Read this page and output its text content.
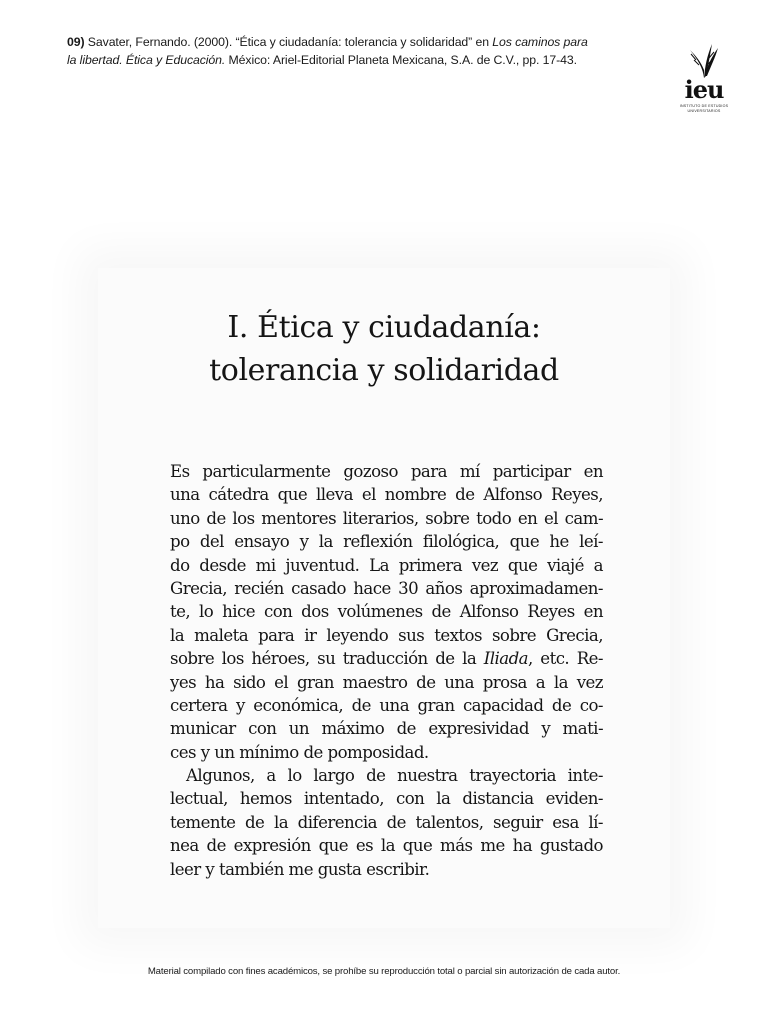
09) Savater, Fernando. (2000). “Ética y ciudadanía: tolerancia y solidaridad” en Los caminos para
la libertad. Ética y Educación. México: Ariel-Editorial Planeta Mexicana, S.A. de C.V., pp. 17-43.
ieu
INSTITUTO DE ESTUDIOS
UNIVERSITARIOS
I. Ética y ciudadanía:
tolerancia y solidaridad
Es particularmente gozoso para mí participar en
una cátedra que lleva el nombre de Alfonso Reyes,
uno de los mentores literarios, sobre todo en el cam-
po del ensayo y la reflexión filológica, que he leí-
do desde mi juventud. La primera vez que viajé a
Grecia, recién casado hace 30 años aproximadamen-
te, lo hice con dos volúmenes de Alfonso Reyes en
la maleta para ir leyendo sus textos sobre Grecia,
sobre los héroes, su traducción de la Iliada, etc. Re-
yes ha sido el gran maestro de una prosa a la vez
certera y económica, de una gran capacidad de co-
municar con un máximo de expresividad y mati-
ces y un mínimo de pomposidad.
Algunos, a lo largo de nuestra trayectoria inte-
lectual, hemos intentado, con la distancia eviden-
temente de la diferencia de talentos, seguir esa lí-
nea de expresión que es la que más me ha gustado
leer y también me gusta escribir.
Material compilado con fines académicos, se prohíbe su reproducción total o parcial sin autorización de cada autor.
